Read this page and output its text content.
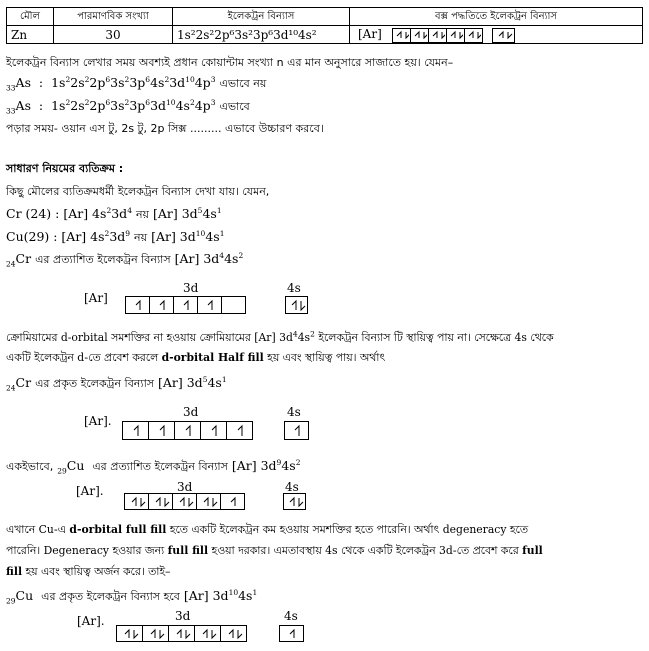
মৌল	পারমাণবিক সংখ্যা	ইলেকট্রন বিন্যাস	বক্স পদ্ধতিতে ইলেকট্রন বিন্যাস
Zn	30	1s²2s²2p⁶3s²3p⁶3d¹⁰4s²	[Ar]
ইলেকট্রন বিন্যাস লেখার সময় অবশ্যই প্রধান কোয়ান্টাম সংখ্যা n এর মান অনুসারে সাজাতে হয়। যেমন–
$_{33}$As  :  $1s^22s^22p^63s^23p^64s^23d^{10}4p^3$ এভাবে নয়
$_{33}$As  :  $1s^22s^22p^63s^23p^63d^{10}4s^24p^3$ এভাবে
পড়ার সময়- ওয়ান এস টু, 2s টু, 2p সিক্স ......... এভাবে উচ্চারণ করবে।
সাধারণ নিয়মের ব্যতিক্রম :
কিছু মৌলের ব্যতিক্রমধর্মী ইলেকট্রন বিন্যাস দেখা যায়। যেমন,
Cr (24) : [Ar] $4s^23d^4$ নয় [Ar] $3d^54s^1$
Cu(29) : [Ar] $4s^23d^9$ নয় [Ar] $3d^{10}4s^1$
$_{24}$Cr এর প্রত্যাশিত ইলেকট্রন বিন্যাস [Ar] $3d^44s^2$
[Ar]
3d	4s
ক্রোমিয়ামের d-orbital সমশক্তির না হওয়ায় ক্রোমিয়ামের [Ar] $3d^44s^2$ ইলেকট্রন বিন্যাস টি স্থায়িত্ব পায় না। সেক্ষেত্রে 4s থেকে
একটি ইলেকট্রন d-তে প্রবেশ করলে d-orbital Half fill হয় এবং স্থায়িত্ব পায়। অর্থাৎ
$_{24}$Cr এর প্রকৃত ইলেকট্রন বিন্যাস [Ar] $3d^54s^1$
[Ar].
3d	4s
একইভাবে, $_{29}$Cu  এর প্রত্যাশিত ইলেকট্রন বিন্যাস [Ar] $3d^94s^2$
[Ar].	3d	4s
এখানে Cu-এ d-orbital full fill হতে একটি ইলেকট্রন কম হওয়ায় সমশক্তির হতে পারেনি। অর্থাৎ degeneracy হতে
পারেনি। Degeneracy হওয়ার জন্য full fill হওয়া দরকার। এমতাবস্থায় 4s থেকে একটি ইলেকট্রন 3d-তে প্রবেশ করে full
fill হয় এবং স্থায়িত্ব অর্জন করে। তাই–
$_{29}$Cu  এর প্রকৃত ইলেকট্রন বিন্যাস হবে [Ar] $3d^{10}4s^1$
[Ar].	3d	4s
